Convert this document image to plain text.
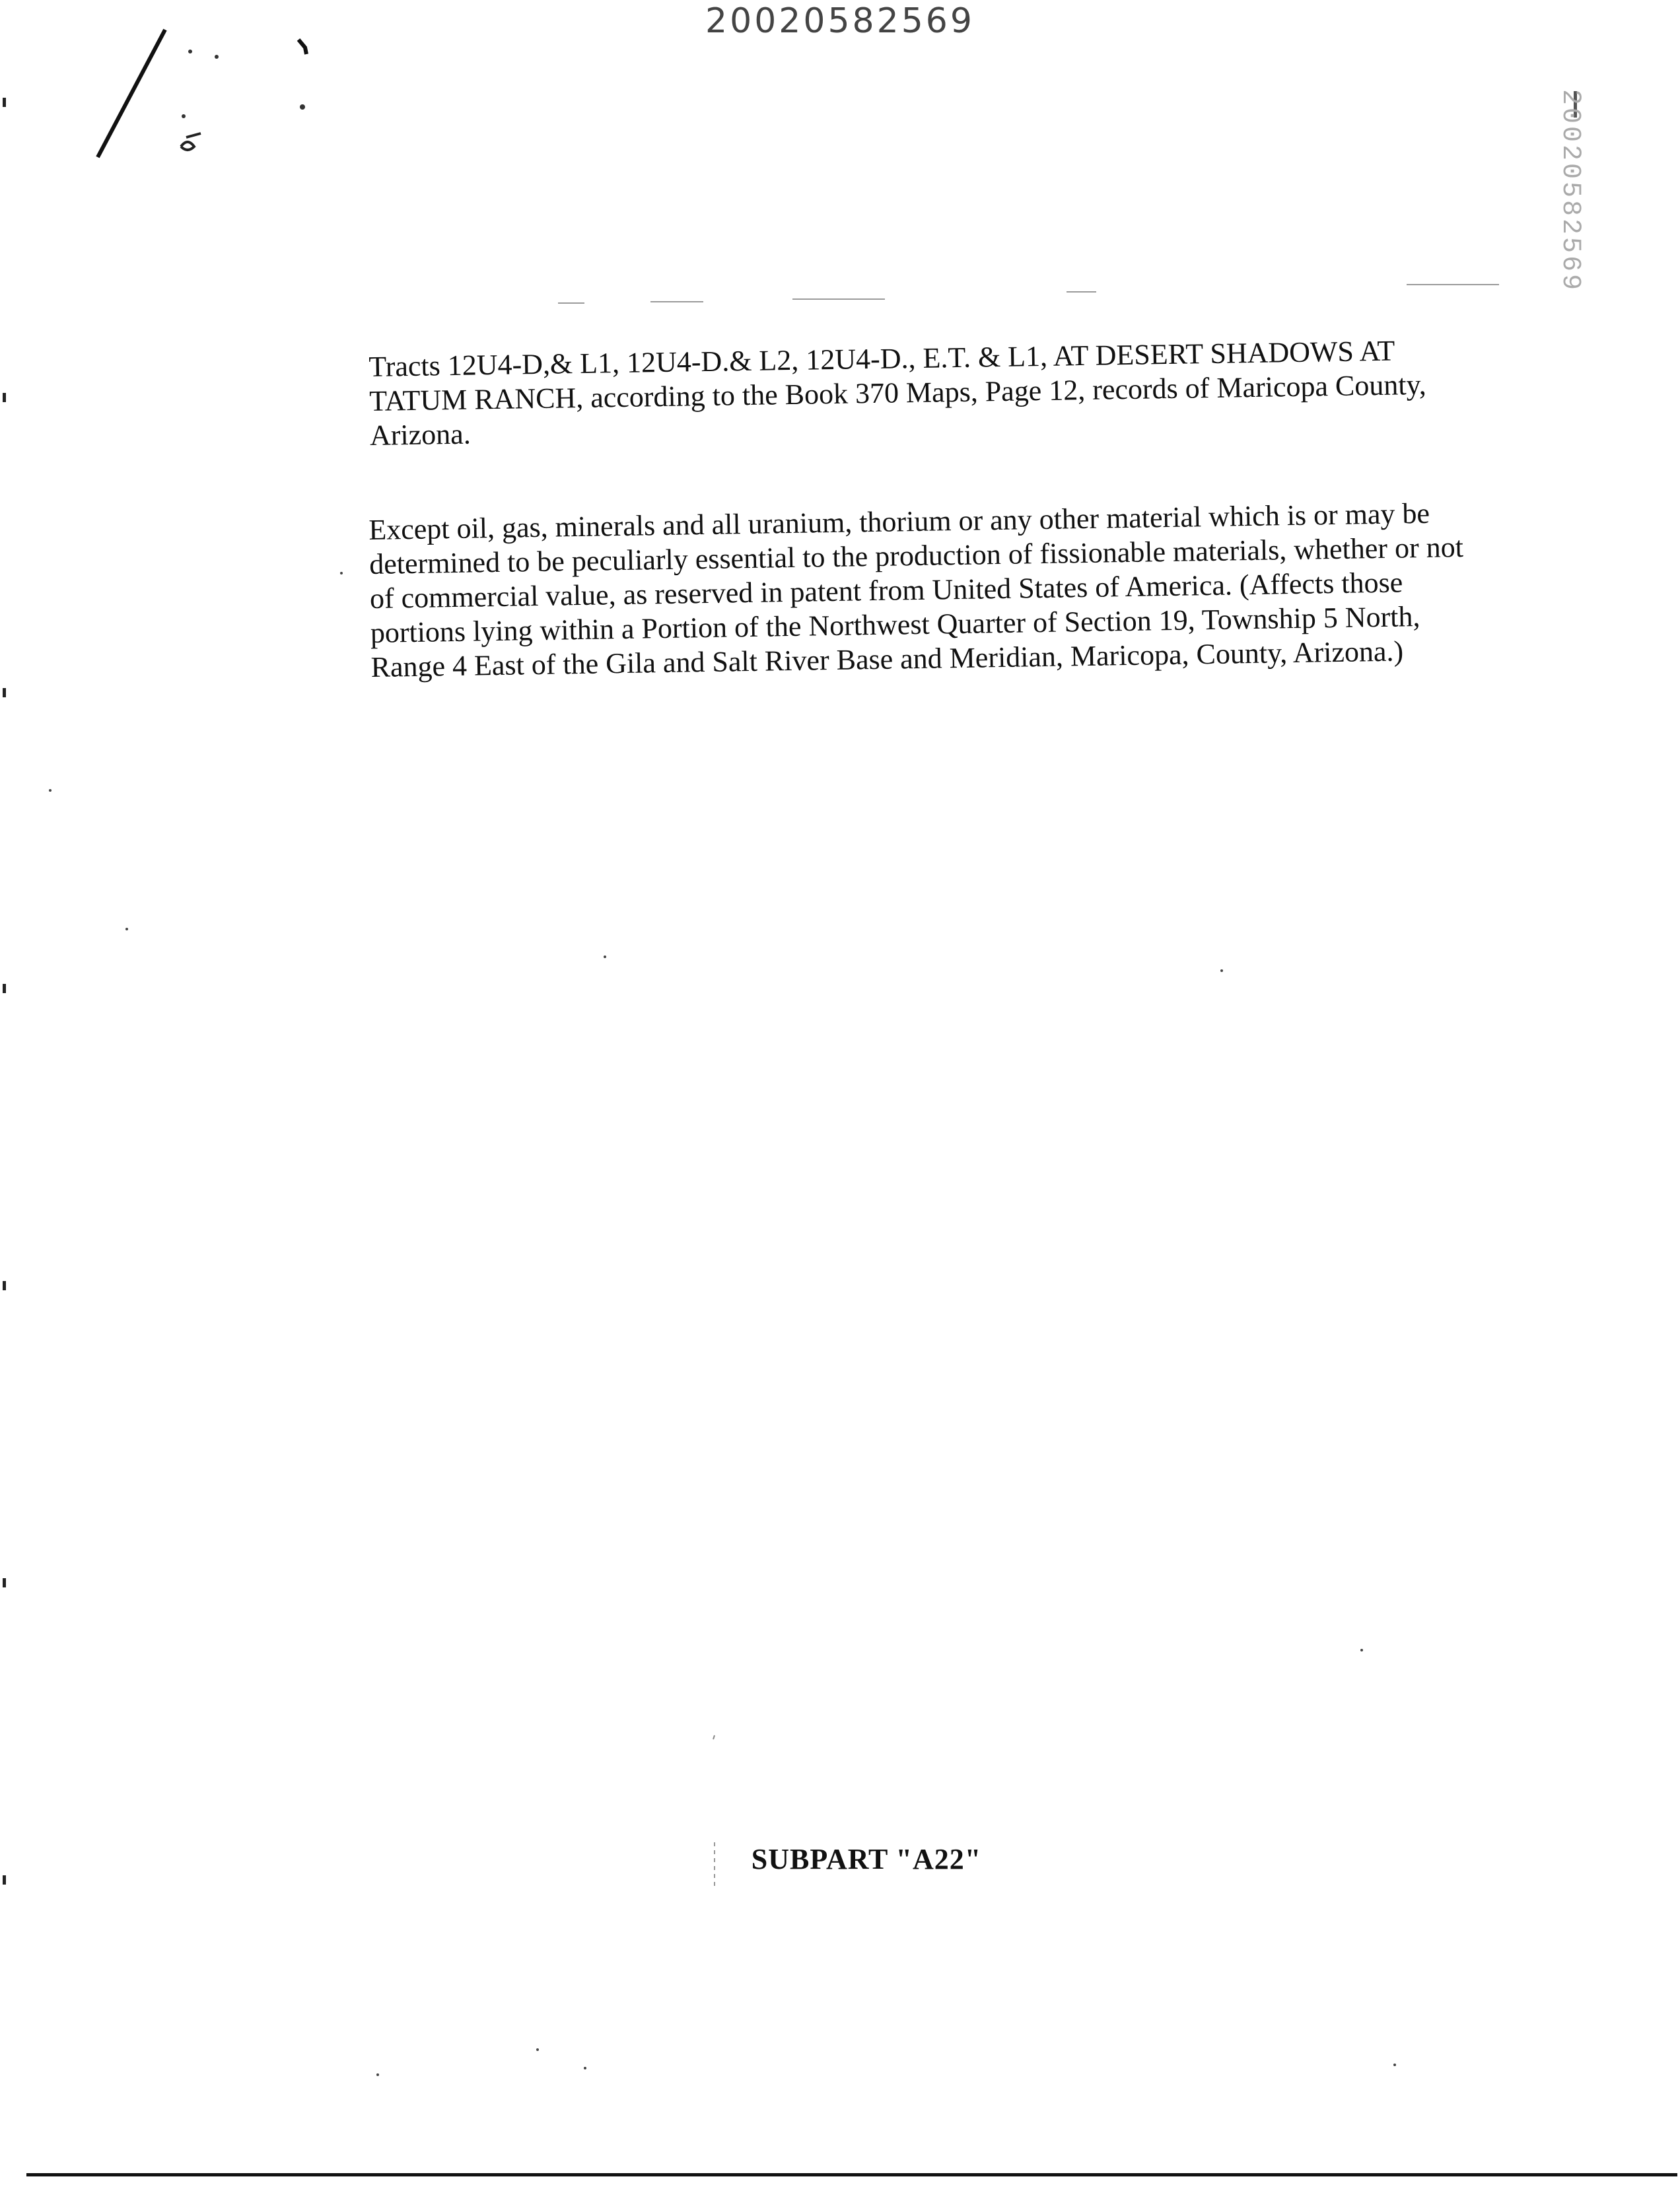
20020582569
20020582569

Tracts 12U4-D,& L1, 12U4-D.& L2, 12U4-D., E.T. & L1, AT DESERT SHADOWS AT TATUM RANCH, according to the Book 370 Maps, Page 12, records of Maricopa County, Arizona.

Except oil, gas, minerals and all uranium, thorium or any other material which is or may be determined to be peculiarly essential to the production of fissionable materials, whether or not of commercial value, as reserved in patent from United States of America. (Affects those portions lying within a Portion of the Northwest Quarter of Section 19, Township 5 North, Range 4 East of the Gila and Salt River Base and Meridian, Maricopa, County, Arizona.)

SUBPART "A22"
